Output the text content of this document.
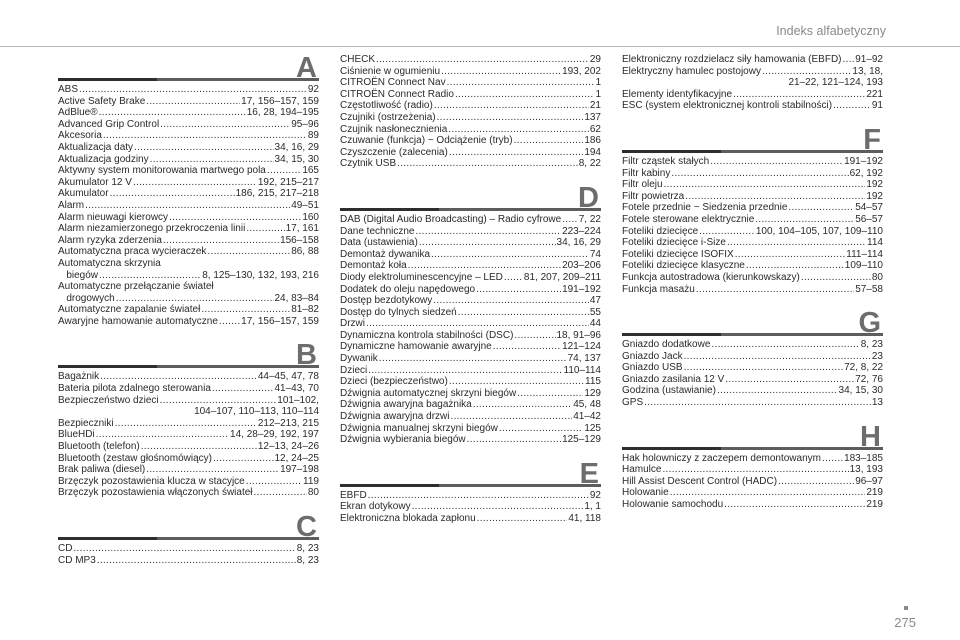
Indeks alfabetyczny
A
ABS .....	92
Active Safety Brake .....	17, 156–157, 159
AdBlue® .....	16, 28, 194–195
Advanced Grip Control .....	95–96
Akcesoria .....	89
Aktualizacja daty .....	34, 16, 29
Aktualizacja godziny .....	34, 15, 30
Aktywny system monitorowania martwego pola .....	165
Akumulator 12 V .....	192, 215–217
Akumulator .....	186, 215, 217–218
Alarm .....	49–51
Alarm nieuwagi kierowcy .....	160
Alarm niezamierzonego przekroczenia linii .....	17, 161
Alarm ryzyka zderzenia .....	156–158
Automatyczna praca wycieraczek .....	86, 88
Automatyczna skrzynia
biegów .....	8, 125–130, 132, 193, 216
Automatyczne przełączanie świateł
drogowych .....	24, 83–84
Automatyczne zapalanie świateł .....	81–82
Awaryjne hamowanie automatyczne ..... 17, 156–157, 159
B
Bagażnik .....	44–45, 47, 78
Bateria pilota zdalnego sterowania .....	41–43, 70
Bezpieczeństwo dzieci .....	101–102,
104–107, 110–113, 110–114
Bezpieczniki .....	212–213, 215
BlueHDi .....	14, 28–29, 192, 197
Bluetooth (telefon) .....	12–13, 24–26
Bluetooth (zestaw głośnomówiący) .....	12, 24–25
Brak paliwa (diesel) .....	197–198
Brzęczyk pozostawienia klucza w stacyjce .....	119
Brzęczyk pozostawienia włączonych świateł .....	80
C
CD .....	8, 23
CD MP3 .....	8, 23
CHECK .....	29
Ciśnienie w ogumieniu .....	193, 202
CITROËN Connect Nav .....	1
CITROËN Connect Radio .....	1
Częstotliwość (radio) .....	21
Czujniki (ostrzeżenia) .....	137
Czujnik nasłonecznienia .....	62
Czuwanie (funkcja) ~ Odciążenie (tryb) .....	186
Czyszczenie (zalecenia) .....	194
Czytnik USB .....	8, 22
D
DAB (Digital Audio Broadcasting) – Radio cyfrowe ..... 7, 22
Dane techniczne .....	223–224
Data (ustawienia) .....	34, 16, 29
Demontaż dywanika .....	74
Demontaż koła .....	203–206
Diody elektroluminescencyjne – LED ..... 81, 207, 209–211
Dodatek do oleju napędowego .....	191–192
Dostęp bezdotykowy .....	47
Dostęp do tylnych siedzeń .....	55
Drzwi .....	44
Dynamiczna kontrola stabilności (DSC) .....	18, 91–96
Dynamiczne hamowanie awaryjne .....	121–124
Dywanik .....	74, 137
Dzieci .....	110–114
Dzieci (bezpieczeństwo) .....	115
Dźwignia automatycznej skrzyni biegów .....	129
Dźwignia awaryjna bagażnika .....	45, 48
Dźwignia awaryjna drzwi .....	41–42
Dźwignia manualnej skrzyni biegów .....	125
Dźwignia wybierania biegów .....	125–129
E
EBFD .....	92
Ekran dotykowy .....	1, 1
Elektroniczna blokada zapłonu .....	41, 118
Elektroniczny rozdzielacz siły hamowania (EBFD) ..... 91–92
Elektryczny hamulec postojowy .....	13, 18,
21–22, 121–124, 193
Elementy identyfikacyjne .....	221
ESC (system elektronicznej kontroli stabilności) .....	91
F
Filtr cząstek stałych .....	191–192
Filtr kabiny .....	62, 192
Filtr oleju .....	192
Filtr powietrza .....	192
Fotele przednie ~ Siedzenia przednie .....	54–57
Fotele sterowane elektrycznie .....	56–57
Foteliki dziecięce .....	100, 104–105, 107, 109–110
Foteliki dziecięce i-Size .....	114
Foteliki dziecięce ISOFIX .....	111–114
Foteliki dziecięce klasyczne .....	109–110
Funkcja autostradowa (kierunkowskazy) .....	80
Funkcja masażu .....	57–58
G
Gniazdo dodatkowe .....	8, 23
Gniazdo Jack .....	23
Gniazdo USB .....	72, 8, 22
Gniazdo zasilania 12 V .....	72, 76
Godzina (ustawianie) .....	34, 15, 30
GPS .....	13
H
Hak holowniczy z zaczepem demontowanym ..... 183–185
Hamulce .....	13, 193
Hill Assist Descent Control (HADC) .....	96–97
Holowanie .....	219
Holowanie samochodu .....	219
275
